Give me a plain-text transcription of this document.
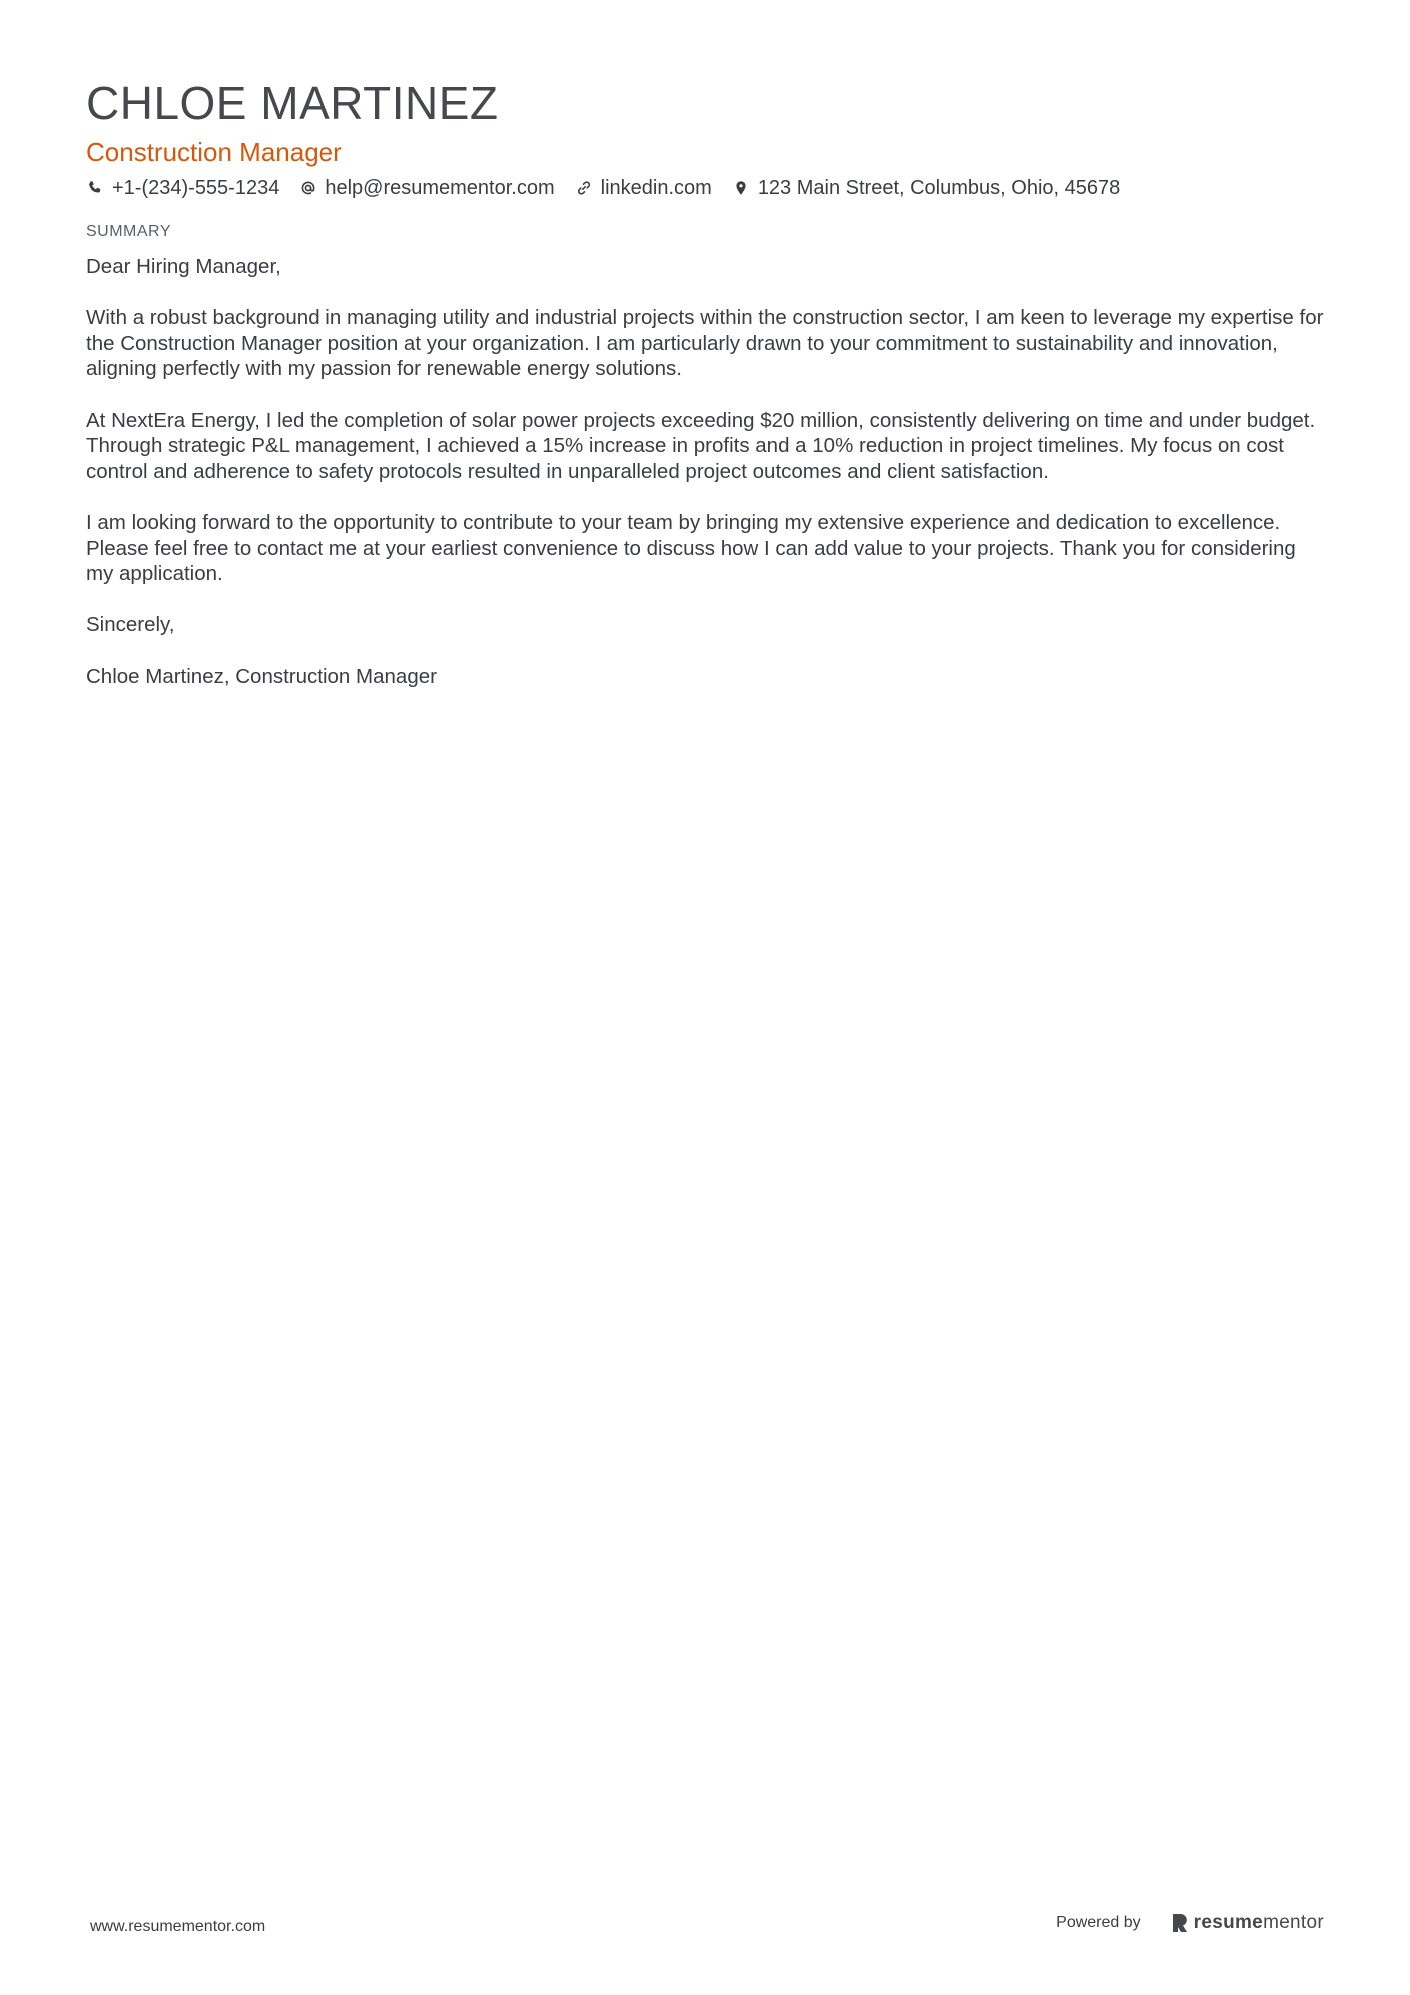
CHLOE MARTINEZ
Construction Manager
+1-(234)-555-1234 help@resumementor.com linkedin.com 123 Main Street, Columbus, Ohio, 45678
SUMMARY

Dear Hiring Manager,

With a robust background in managing utility and industrial projects within the construction sector, I am keen to leverage my expertise for the Construction Manager position at your organization. I am particularly drawn to your commitment to sustainability and innovation, aligning perfectly with my passion for renewable energy solutions.

At NextEra Energy, I led the completion of solar power projects exceeding $20 million, consistently delivering on time and under budget. Through strategic P&L management, I achieved a 15% increase in profits and a 10% reduction in project timelines. My focus on cost control and adherence to safety protocols resulted in unparalleled project outcomes and client satisfaction.

I am looking forward to the opportunity to contribute to your team by bringing my extensive experience and dedication to excellence. Please feel free to contact me at your earliest convenience to discuss how I can add value to your projects. Thank you for considering my application.

Sincerely,

Chloe Martinez, Construction Manager

www.resumementor.com	Powered by	resume mentor
